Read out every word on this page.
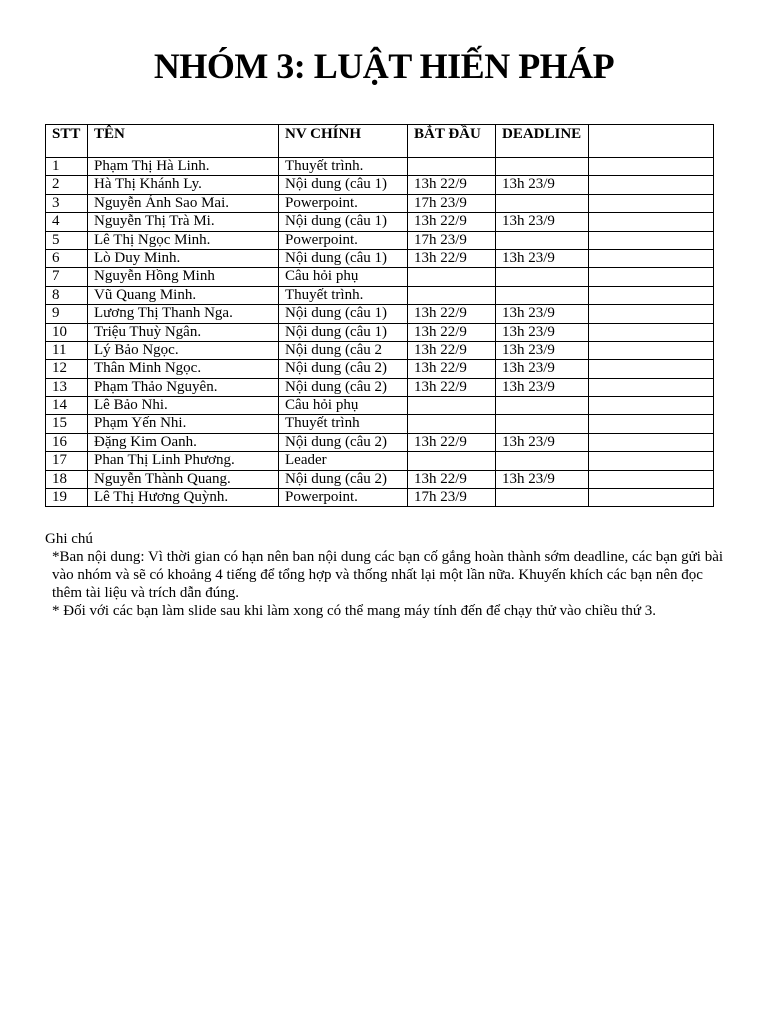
NHÓM 3: LUẬT HIẾN PHÁP
STT	TÊN	NV CHÍNH	BẮT ĐẦU	DEADLINE	
1	Phạm Thị Hà Linh.	Thuyết trình.			
2	Hà Thị Khánh Ly.	Nội dung (câu 1)	13h 22/9	13h 23/9	
3	Nguyễn Ánh Sao Mai.	Powerpoint.	17h 23/9		
4	Nguyễn Thị Trà Mi.	Nội dung (câu 1)	13h 22/9	13h 23/9	
5	Lê Thị Ngọc Minh.	Powerpoint.	17h 23/9		
6	Lò Duy Minh.	Nội dung (câu 1)	13h 22/9	13h 23/9	
7	Nguyễn Hồng Minh	Câu hỏi phụ			
8	Vũ Quang Minh.	Thuyết trình.			
9	Lương Thị Thanh Nga.	Nội dung (câu 1)	13h 22/9	13h 23/9	
10	Triệu Thuỳ Ngân.	Nội dung (câu 1)	13h 22/9	13h 23/9	
11	Lý Bảo Ngọc.	Nội dung (câu 2	13h 22/9	13h 23/9	
12	Thân Minh Ngọc.	Nội dung (câu 2)	13h 22/9	13h 23/9	
13	Phạm Thảo Nguyên.	Nội dung (câu 2)	13h 22/9	13h 23/9	
14	Lê Bảo Nhi.	Câu hỏi phụ			
15	Phạm Yến Nhi.	Thuyết trình			
16	Đặng Kim Oanh.	Nội dung (câu 2)	13h 22/9	13h 23/9	
17	Phan Thị Linh Phương.	Leader			
18	Nguyễn Thành Quang.	Nội dung (câu 2)	13h 22/9	13h 23/9	
19	Lê Thị Hương Quỳnh.	Powerpoint.	17h 23/9		

Ghi chú

*Ban nội dung: Vì thời gian có hạn nên ban nội dung các bạn cố gắng hoàn thành sớm deadline, các bạn gửi bài vào nhóm và sẽ có khoảng 4 tiếng để tổng hợp và thống nhất lại một lần nữa. Khuyến khích các bạn nên đọc thêm tài liệu và trích dẫn đúng.

* Đối với các bạn làm slide sau khi làm xong có thể mang máy tính đến để chạy thử vào chiều thứ 3.
